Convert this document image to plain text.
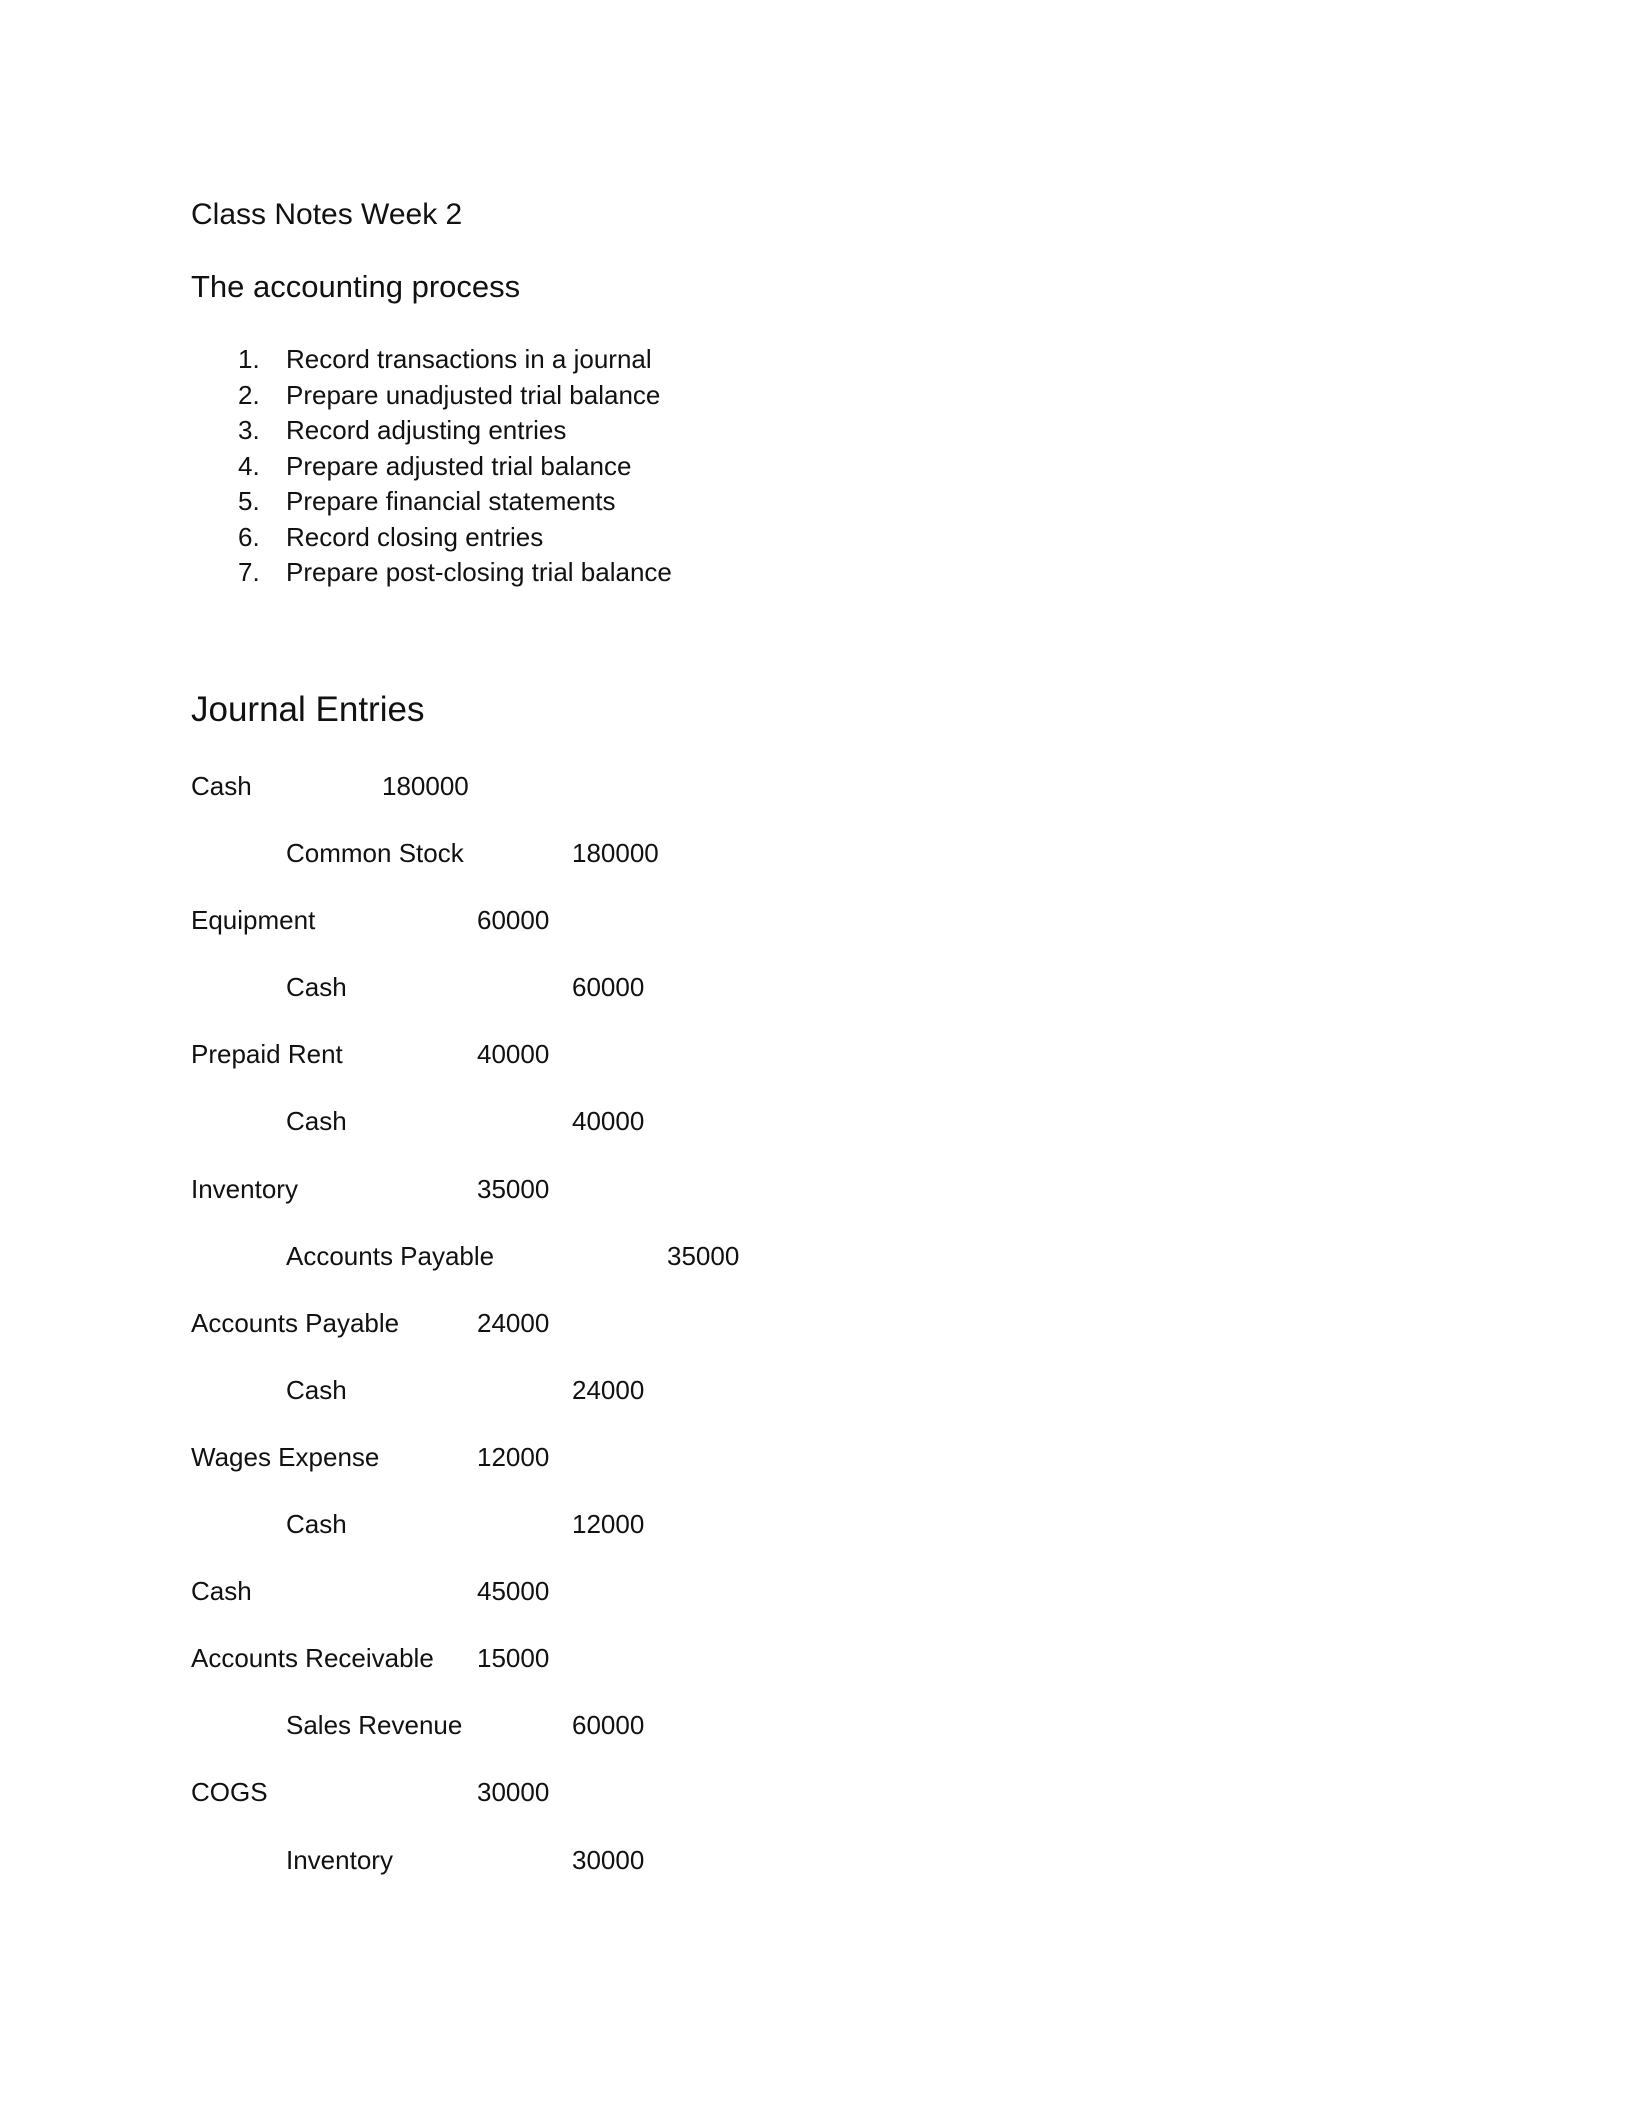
Class Notes Week 2
The accounting process
1. Record transactions in a journal
2. Prepare unadjusted trial balance
3. Record adjusting entries
4. Prepare adjusted trial balance
5. Prepare financial statements
6. Record closing entries
7. Prepare post-closing trial balance
Journal Entries
Cash	180000
Common Stock	180000
Equipment	60000
Cash	60000
Prepaid Rent	40000
Cash	40000
Inventory	35000
Accounts Payable	35000
Accounts Payable	24000
Cash	24000
Wages Expense	12000
Cash	12000
Cash	45000
Accounts Receivable 15000
Sales Revenue	60000
COGS	30000
Inventory	30000
